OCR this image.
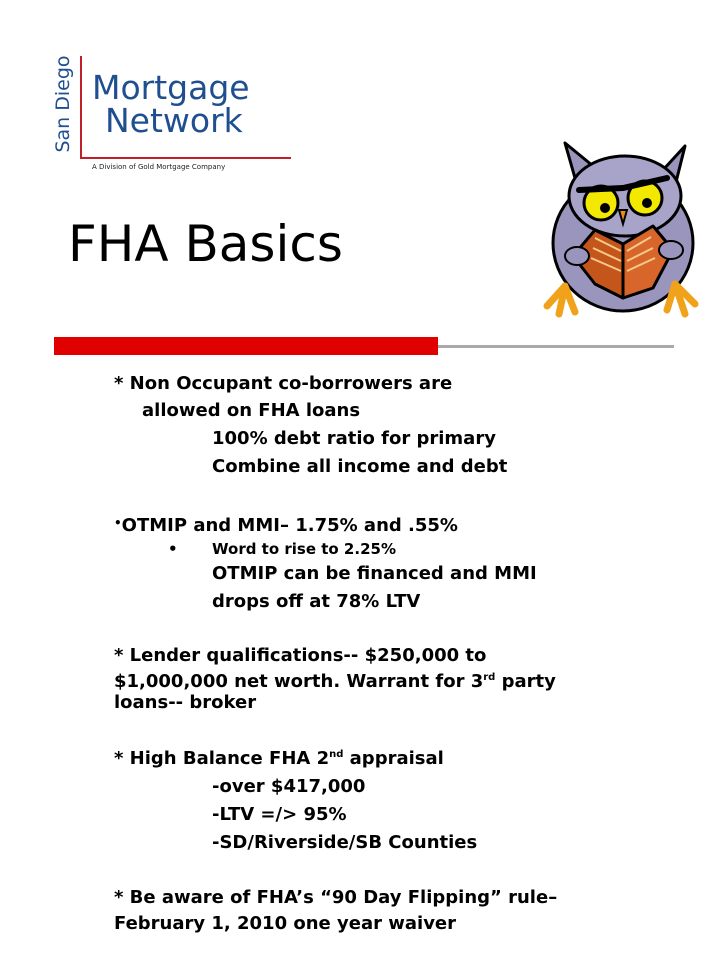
San Diego Mortgage
Network
A Division of Gold Mortgage Company
FHA Basics
* Non Occupant co-borrowers are
allowed on FHA loans
100% debt ratio for primary
Combine all income and debt
•OTMIP and MMI– 1.75% and .55%
• Word to rise to 2.25%
OTMIP can be financed and MMI
drops off at 78% LTV
* Lender qualifications-- $250,000 to
$1,000,000 net worth. Warrant for 3rd party
loans-- broker
* High Balance FHA 2nd appraisal
-over $417,000
-LTV =/> 95%
-SD/Riverside/SB Counties
* Be aware of FHA’s “90 Day Flipping” rule–
February 1, 2010 one year waiver
